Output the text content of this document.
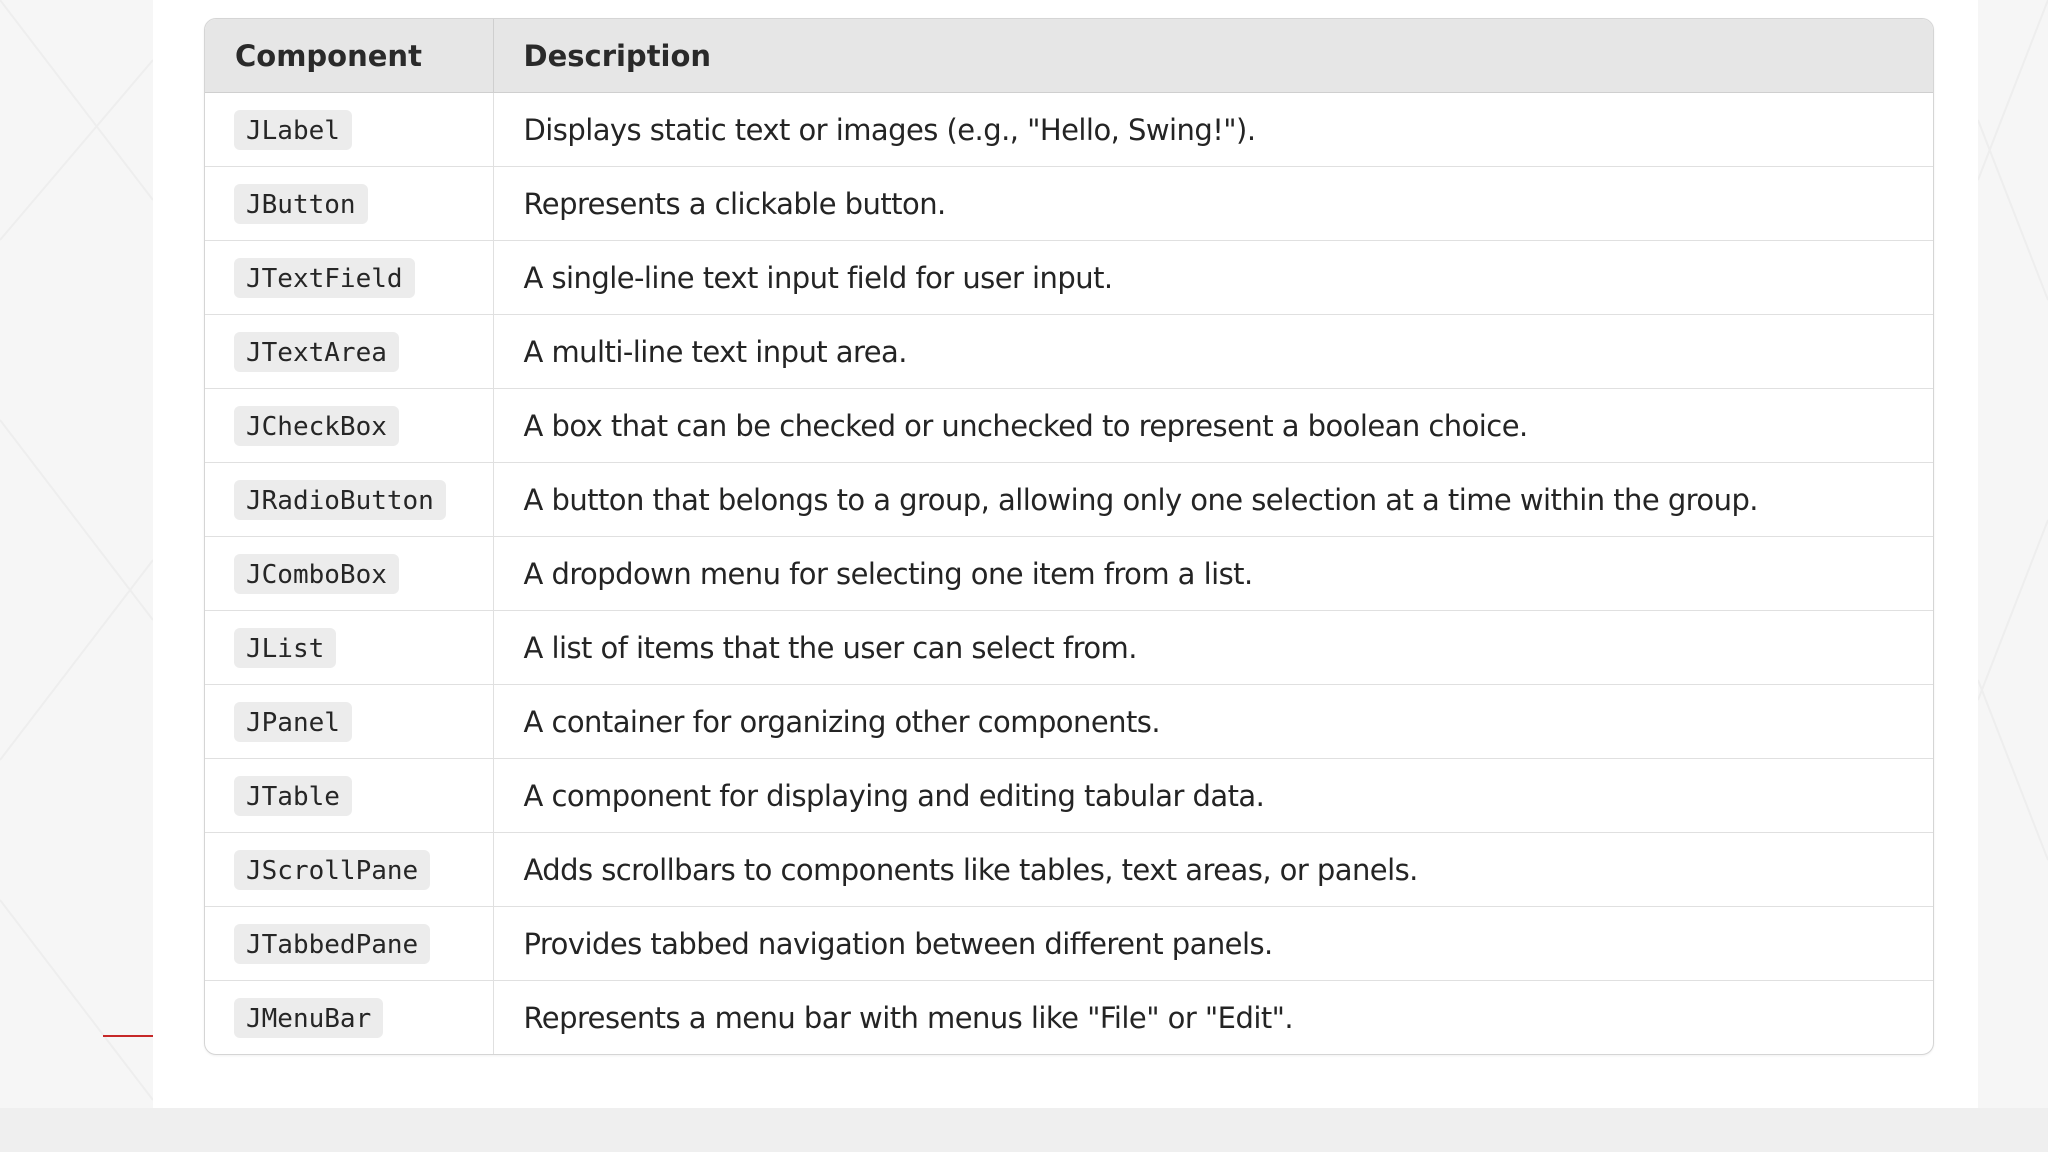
Component	Description
JLabel	Displays static text or images (e.g., "Hello, Swing!").
JButton	Represents a clickable button.
JTextField	A single-line text input field for user input.
JTextArea	A multi-line text input area.
JCheckBox	A box that can be checked or unchecked to represent a boolean choice.
JRadioButton	A button that belongs to a group, allowing only one selection at a time within the group.
JComboBox	A dropdown menu for selecting one item from a list.
JList	A list of items that the user can select from.
JPanel	A container for organizing other components.
JTable	A component for displaying and editing tabular data.
JScrollPane	Adds scrollbars to components like tables, text areas, or panels.
JTabbedPane	Provides tabbed navigation between different panels.
JMenuBar	Represents a menu bar with menus like "File" or "Edit".
